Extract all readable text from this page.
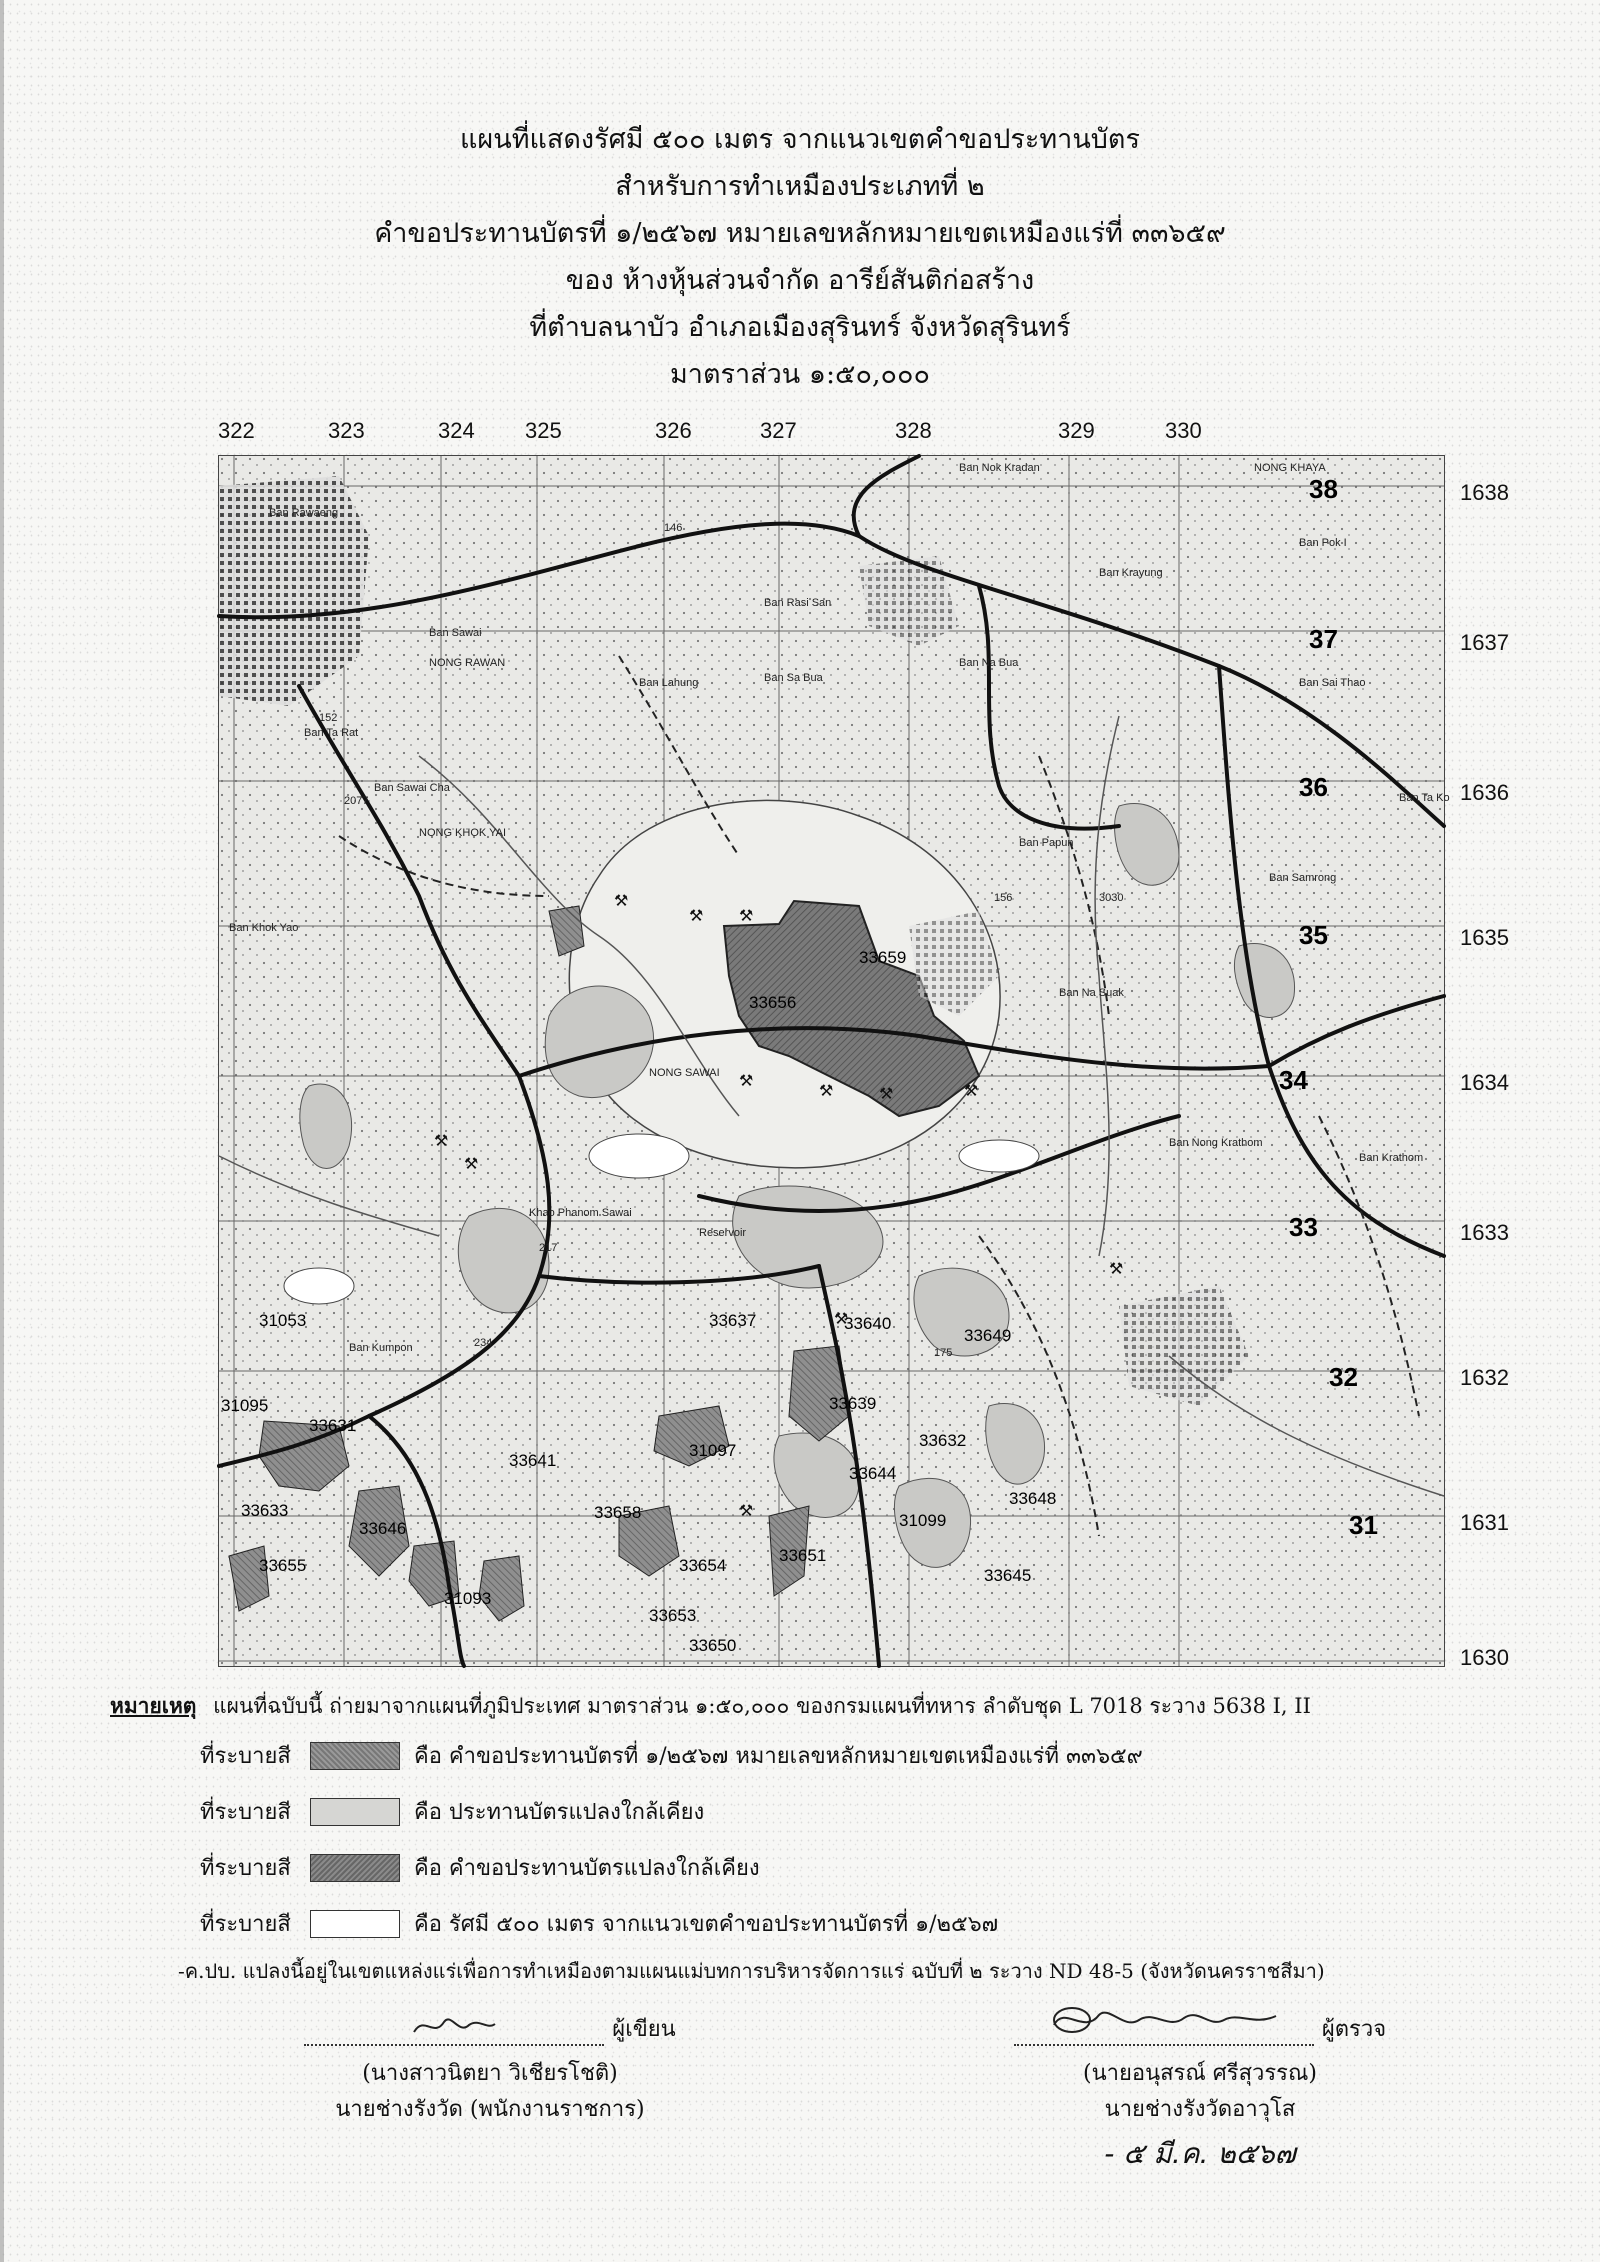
แผนที่แสดงรัศมี ๕๐๐ เมตร จากแนวเขตคำขอประทานบัตร

สำหรับการทำเหมืองประเภทที่ ๒

คำขอประทานบัตรที่ ๑/๒๕๖๗ หมายเลขหลักหมายเขตเหมืองแร่ที่ ๓๓๖๕๙

ของ ห้างหุ้นส่วนจำกัด อารีย์สันติก่อสร้าง

ที่ตำบลนาบัว อำเภอเมืองสุรินทร์ จังหวัดสุรินทร์

มาตราส่วน ๑:๕๐,๐๐๐

322	323	324 325	326	327	328	329	330
1638
1637
1636
1635
1634
1633
1632
1631
1630
Ban Rawaeng
Ban Sawai
Ban Lahung
Ban Rasi San
Ban Sa Bua
Ban Na Bua
Ban Krayung
Ban Pok I
Ban Sai Thao
Ban Ta Rat
Ban Sawai Cha
NONG KHOK YAI
Ban Khok Yao
Ban Papun
Ban Samrong
Ban Na Suak
NONG SAWAI
Ban Kumpon
Ban Nong Krathom
Ban Krathom
Khao Phanom Sawai
Reservoir
NONG RAWAN
Ban Nok Kradan	NONG KHAYA
Ban Ta Ko
146
152
2077
156	3030
217
234
175
38
37
36
35
34
33
32
31
33659
33656
31053	33637	33640
33649
33639
33632
33631
33641
31097
33644
33633
33646
33658
33648
33655
31099
33651
33654
31093
33645
33650
31095
33653
⚒ ⚒
⚒
⚒	⚒	⚒
⚒
⚒
⚒
⚒
⚒
⚒
หมายเหตุ แผนที่ฉบับนี้ ถ่ายมาจากแผนที่ภูมิประเทศ มาตราส่วน ๑:๕๐,๐๐๐ ของกรมแผนที่ทหาร ลำดับชุด L 7018 ระวาง 5638 I, II
ที่ระบายสี	คือ คำขอประทานบัตรที่ ๑/๒๕๖๗ หมายเลขหลักหมายเขตเหมืองแร่ที่ ๓๓๖๕๙
ที่ระบายสี	คือ ประทานบัตรแปลงใกล้เคียง
ที่ระบายสี	คือ คำขอประทานบัตรแปลงใกล้เคียง
ที่ระบายสี	คือ รัศมี ๕๐๐ เมตร จากแนวเขตคำขอประทานบัตรที่ ๑/๒๕๖๗
-ค.ปบ. แปลงนี้อยู่ในเขตแหล่งแร่เพื่อการทำเหมืองตามแผนแม่บทการบริหารจัดการแร่ ฉบับที่ ๒ ระวาง ND 48-5 (จังหวัดนครราชสีมา)
ผู้เขียน
(นางสาวนิตยา วิเชียรโชติ)
นายช่างรังวัด (พนักงานราชการ)
ผู้ตรวจ
(นายอนุสรณ์ ศรีสุวรรณ)
นายช่างรังวัดอาวุโส
- ๕ มี.ค. ๒๕๖๗
